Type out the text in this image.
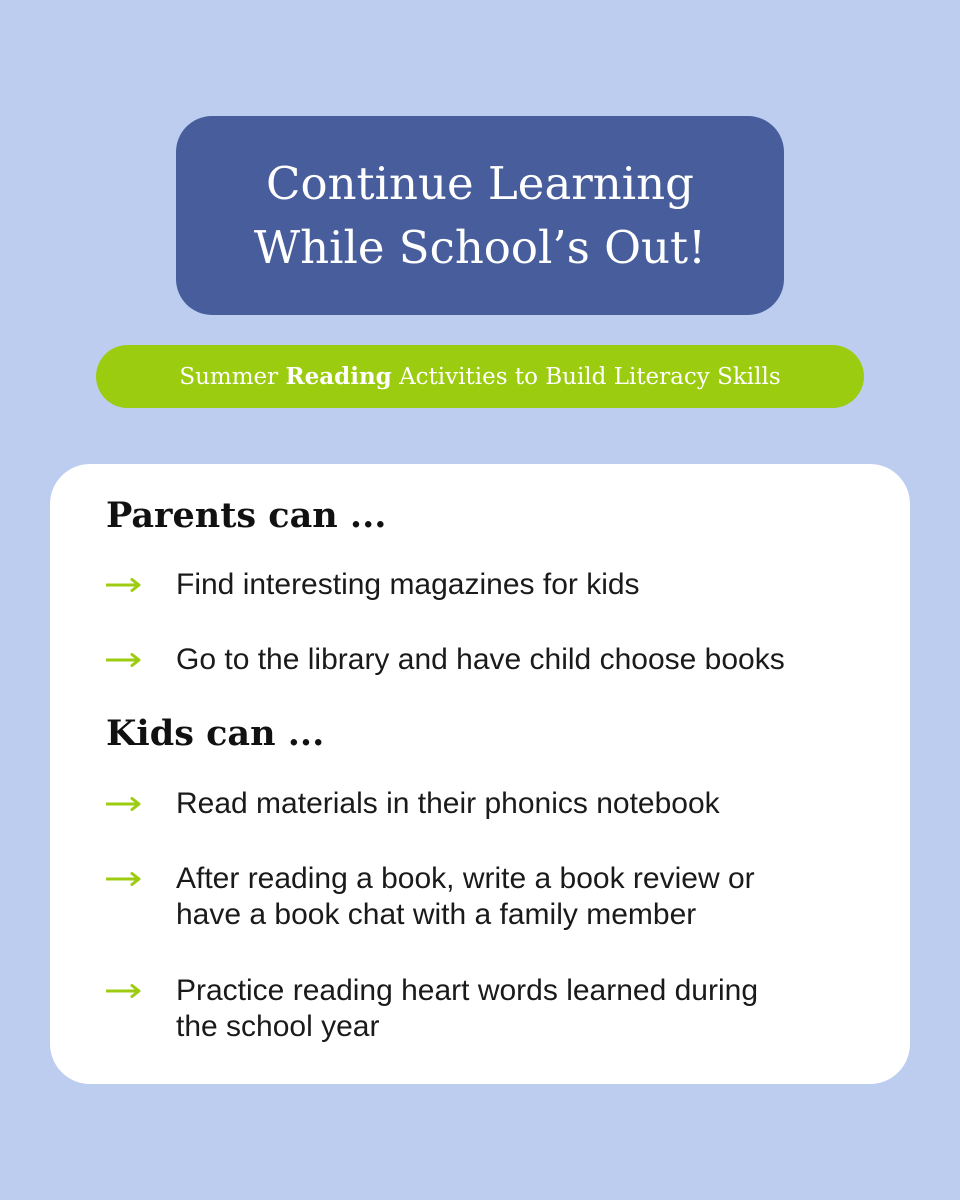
Continue Learning
While School’s Out!
Summer
Reading
Activities to Build Literacy Skills
Parents can ...
Find interesting magazines for kids
Go to the library and have child choose books
Kids can ...
Read materials in their phonics notebook
After reading a book, write a book review or
have a book chat with a family member
Practice reading heart words learned during
the school year
